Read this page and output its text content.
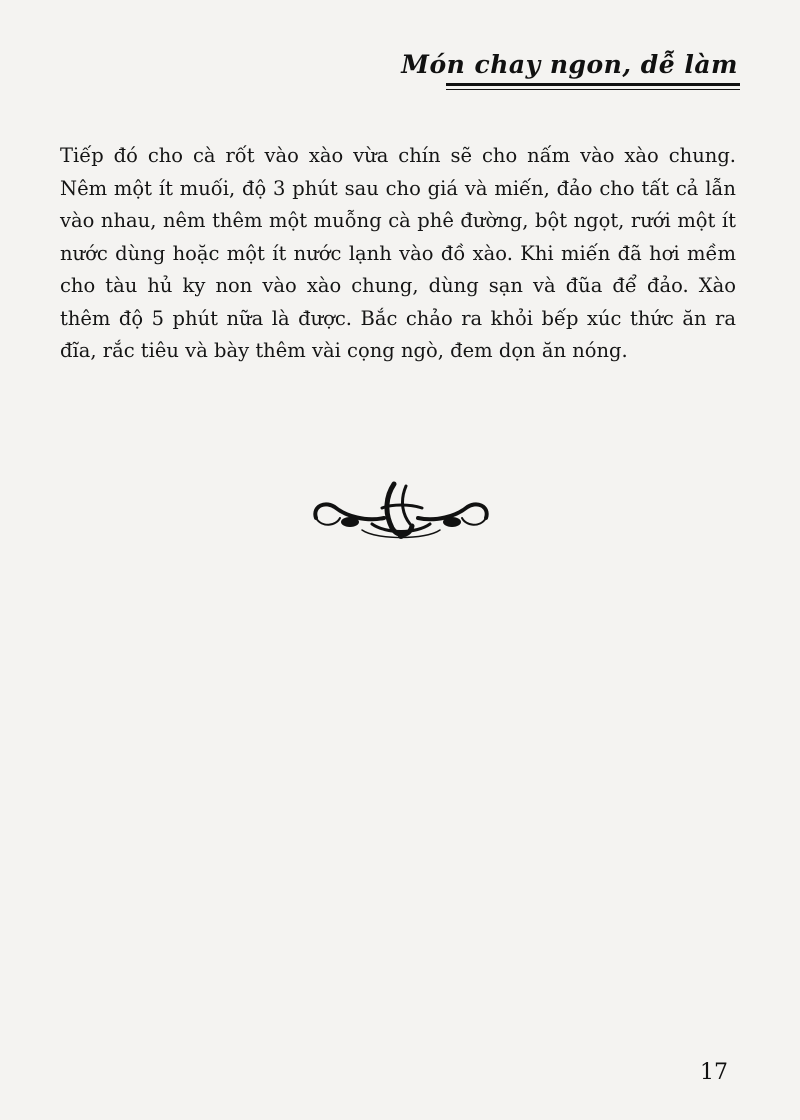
Món chay ngon, dễ làm
Tiếp đó cho cà rốt vào xào vừa chín sẽ cho nấm vào xào chung. Nêm một ít muối, độ 3 phút sau cho giá và miến, đảo cho tất cả lẫn vào nhau, nêm thêm một muỗng cà phê đường, bột ngọt, rưới một ít nước dùng hoặc một ít nước lạnh vào đồ xào. Khi miến đã hơi mềm cho tàu hủ ky non vào xào chung, dùng sạn và đũa để đảo. Xào thêm độ 5 phút nữa là được. Bắc chảo ra khỏi bếp xúc thức ăn ra đĩa, rắc tiêu và bày thêm vài cọng ngò, đem dọn ăn nóng.
17
